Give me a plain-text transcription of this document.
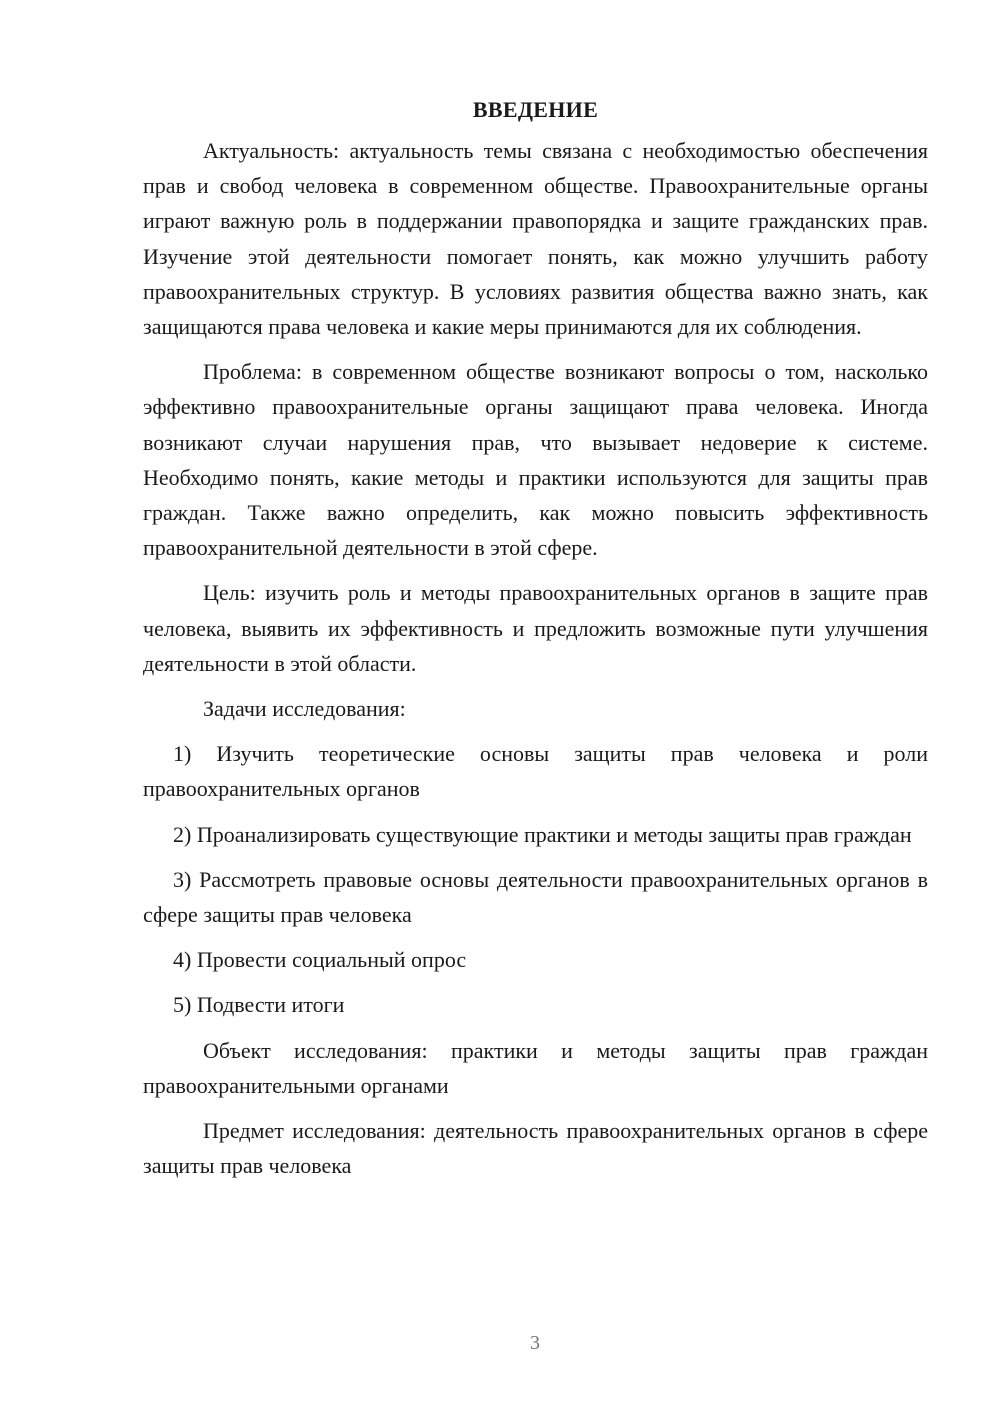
ВВЕДЕНИЕ

Актуальность: актуальность темы связана с необходимостью обеспечения прав и свобод человека в современном обществе. Правоохранительные органы играют важную роль в поддержании правопорядка и защите гражданских прав. Изучение этой деятельности помогает понять, как можно улучшить работу правоохранительных структур. В условиях развития общества важно знать, как защищаются права человека и какие меры принимаются для их соблюдения.

Проблема: в современном обществе возникают вопросы о том, насколько эффективно правоохранительные органы защищают права человека. Иногда возникают случаи нарушения прав, что вызывает недоверие к системе. Необходимо понять, какие методы и практики используются для защиты прав граждан. Также важно определить, как можно повысить эффективность правоохранительной деятельности в этой сфере.

Цель: изучить роль и методы правоохранительных органов в защите прав человека, выявить их эффективность и предложить возможные пути улучшения деятельности в этой области.

Задачи исследования:

1) Изучить теоретические основы защиты прав человека и роли правоохранительных органов

2) Проанализировать существующие практики и методы защиты прав граждан

3) Рассмотреть правовые основы деятельности правоохранительных органов в сфере защиты прав человека

4) Провести социальный опрос

5) Подвести итоги

Объект исследования: практики и методы защиты прав граждан правоохранительными органами

Предмет исследования: деятельность правоохранительных органов в сфере защиты прав человека

3
